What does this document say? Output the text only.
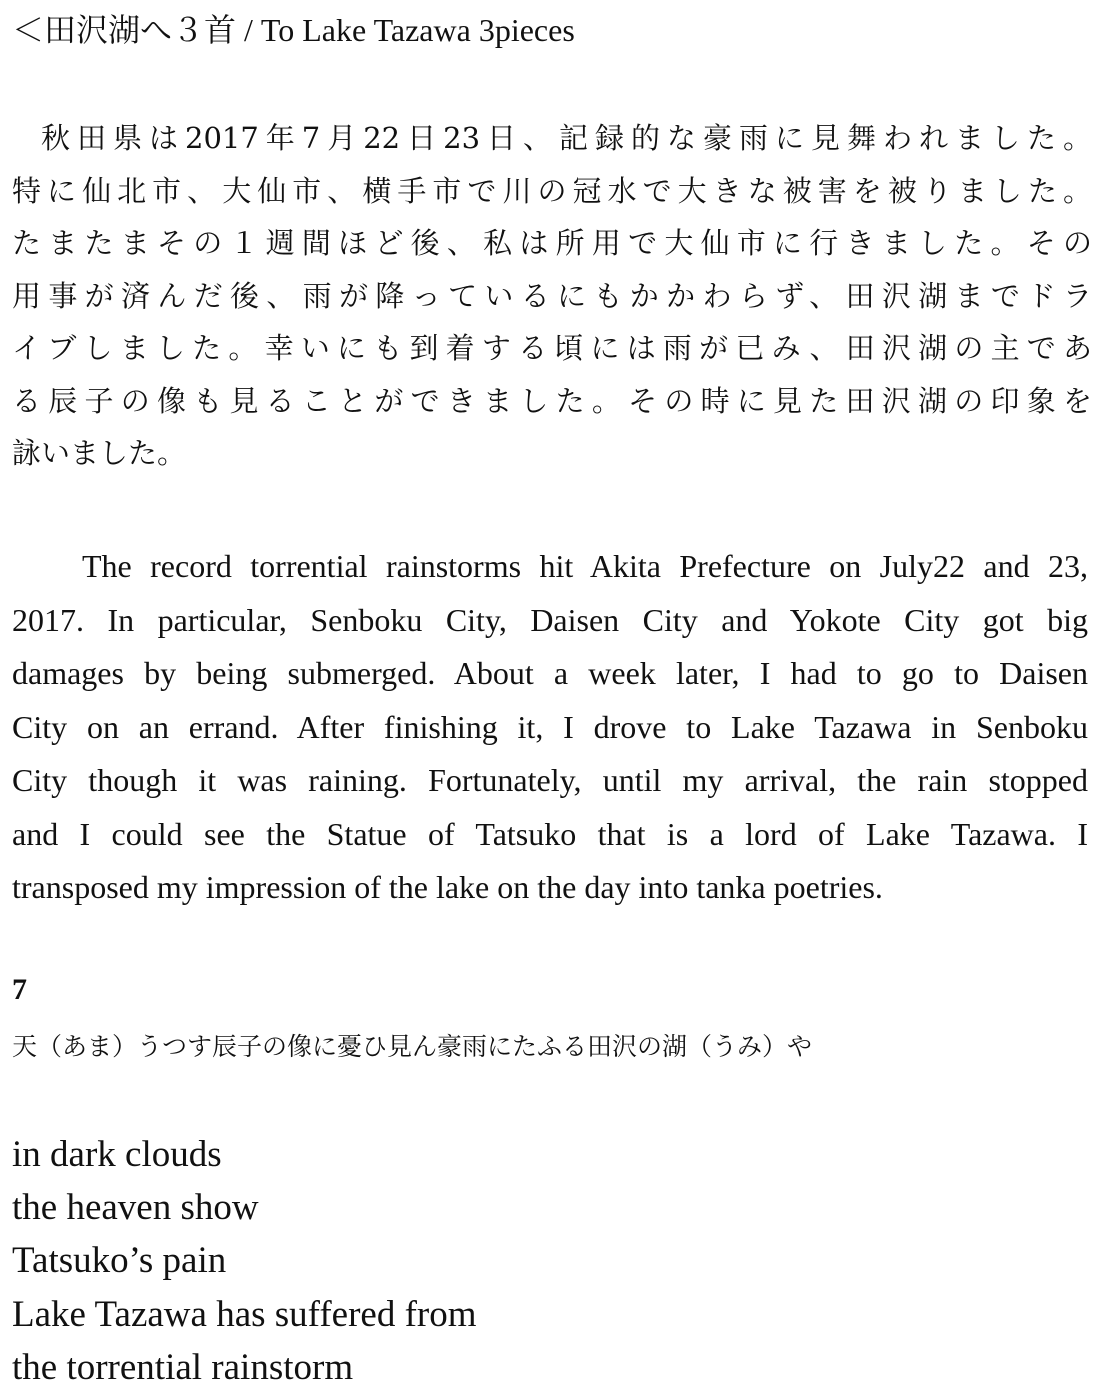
＜田沢湖へ３首 / To Lake Tazawa 3pieces
秋田県は2017年7月22日23日、記録的な豪雨に見舞われました。
特に仙北市、大仙市、横手市で川の冠水で大きな被害を被りました。
たまたまその１週間ほど後、私は所用で大仙市に行きました。その
用事が済んだ後、雨が降っているにもかかわらず、田沢湖までドラ
イブしました。幸いにも到着する頃には雨が已み、田沢湖の主であ
る辰子の像も見ることができました。その時に見た田沢湖の印象を
詠いました。
The record torrential rainstorms hit Akita Prefecture on July22 and 23,
2017. In particular, Senboku City, Daisen City and Yokote City got big
damages by being submerged. About a week later, I had to go to Daisen
City on an errand. After finishing it, I drove to Lake Tazawa in Senboku
City though it was raining. Fortunately, until my arrival, the rain stopped
and I could see the Statue of Tatsuko that is a lord of Lake Tazawa. I
transposed my impression of the lake on the day into tanka poetries.
7
天（あま）うつす辰子の像に憂ひ見ん豪雨にたふる田沢の湖（うみ）や
in dark clouds
the heaven show
Tatsuko’s pain
Lake Tazawa has suffered from
the torrential rainstorm
